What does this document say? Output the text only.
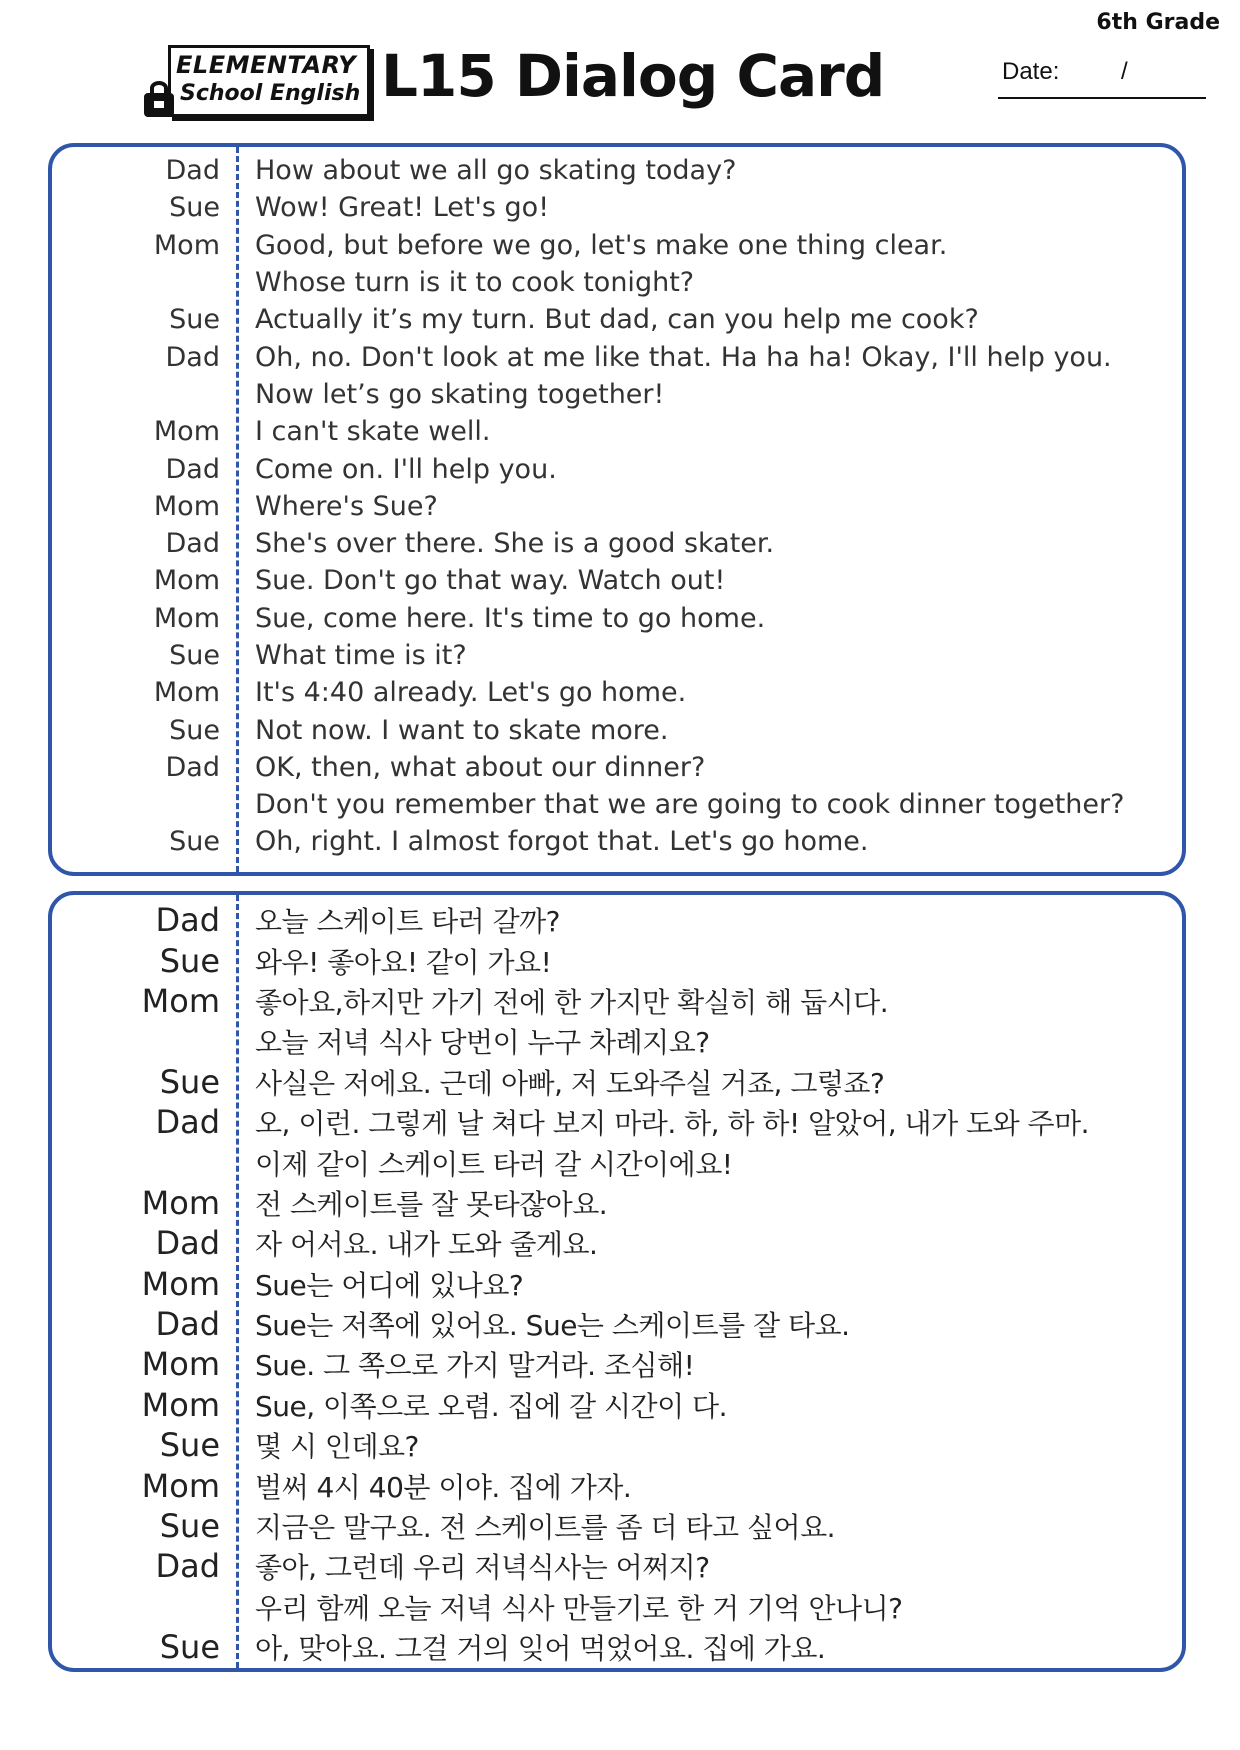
6th Grade
ELEMENTARY
School English L15 Dialog Card	Date:	/
Dad How about we all go skating today?
Sue Wow! Great! Let's go!
Mom Good, but before we go, let's make one thing clear.
Whose turn is it to cook tonight?
Sue Actually it’s my turn. But dad, can you help me cook?
Dad Oh, no. Don't look at me like that. Ha ha ha! Okay, I'll help you.
Now let’s go skating together!
Mom I can't skate well.
Dad Come on. I'll help you.
Mom Where's Sue?
Dad She's over there. She is a good skater.
Mom Sue. Don't go that way. Watch out!
Mom Sue, come here. It's time to go home.
Sue What time is it?
Mom It's 4:40 already. Let's go home.
Sue Not now. I want to skate more.
Dad OK, then, what about our dinner?
Don't you remember that we are going to cook dinner together?
Sue Oh, right. I almost forgot that. Let's go home.
Dad 오늘 스케이트 타러 갈까?
Sue 와우! 좋아요! 같이 가요!
Mom 좋아요,하지만 가기 전에 한 가지만 확실히 해 둡시다.
오늘 저녁 식사 당번이 누구 차례지요?
Sue 사실은 저에요. 근데 아빠, 저 도와주실 거죠, 그렇죠?
Dad 오, 이런. 그렇게 날 쳐다 보지 마라. 하, 하 하! 알았어, 내가 도와 주마.
이제 같이 스케이트 타러 갈 시간이에요!
Mom 전 스케이트를 잘 못타잖아요.
Dad 자 어서요. 내가 도와 줄게요.
Mom Sue는 어디에 있나요?
Dad Sue는 저쪽에 있어요. Sue는 스케이트를 잘 타요.
Mom Sue. 그 쪽으로 가지 말거라. 조심해!
Mom Sue, 이쪽으로 오렴. 집에 갈 시간이 다.
Sue 몇 시 인데요?
Mom 벌써 4시 40분 이야. 집에 가자.
Sue 지금은 말구요. 전 스케이트를 좀 더 타고 싶어요.
Dad 좋아, 그런데 우리 저녁식사는 어쩌지?
우리 함께 오늘 저녁 식사 만들기로 한 거 기억 안나니?
Sue 아, 맞아요. 그걸 거의 잊어 먹었어요. 집에 가요.
